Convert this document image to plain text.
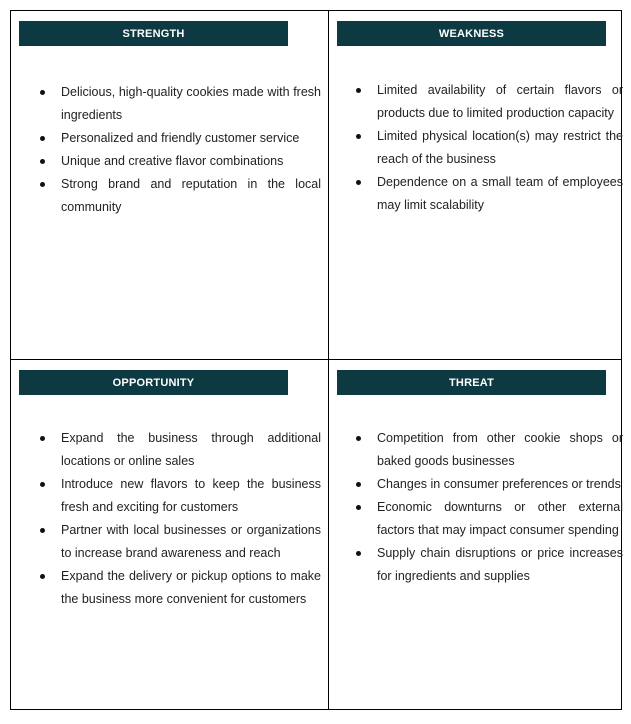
STRENGTH
Delicious, high-quality cookies made with fresh ingredients
Personalized and friendly customer service
Unique and creative flavor combinations
Strong brand and reputation in the local community
WEAKNESS
Limited availability of certain flavors or products due to limited production capacity
Limited physical location(s) may restrict the reach of the business
Dependence on a small team of employees may limit scalability
OPPORTUNITY
Expand the business through additional locations or online sales
Introduce new flavors to keep the business fresh and exciting for customers
Partner with local businesses or organizations to increase brand awareness and reach
Expand the delivery or pickup options to make the business more convenient for customers
THREAT
Competition from other cookie shops or baked goods businesses
Changes in consumer preferences or trends
Economic downturns or other external factors that may impact consumer spending
Supply chain disruptions or price increases for ingredients and supplies
